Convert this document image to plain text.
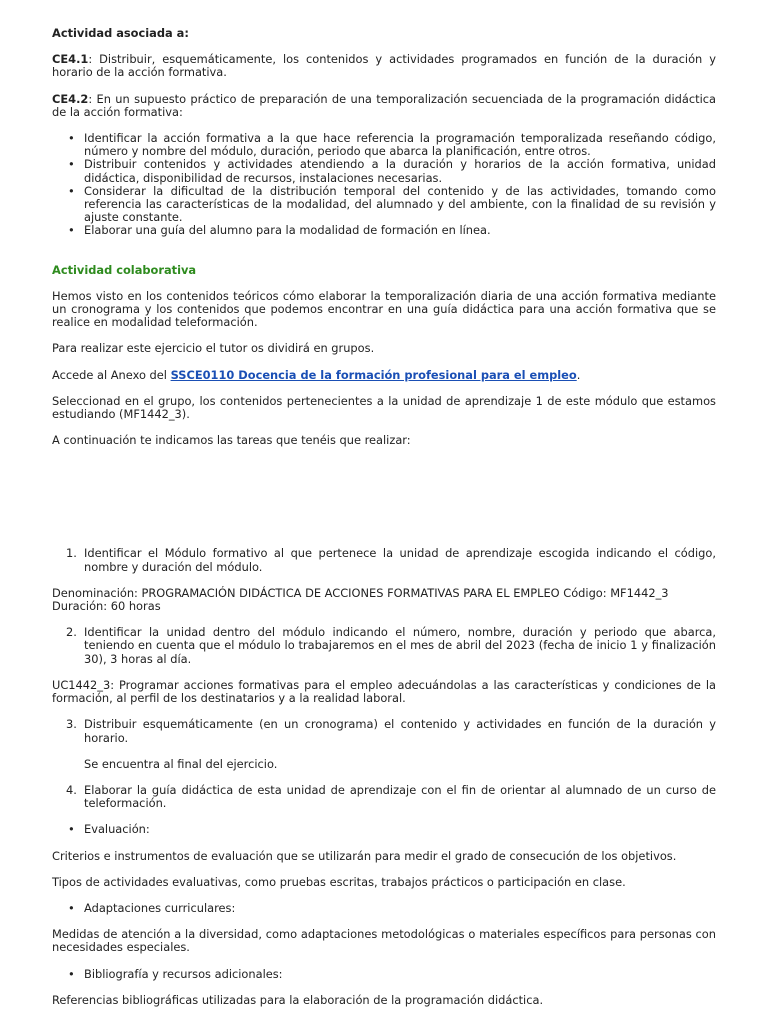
Actividad asociada a:

CE4.1: Distribuir, esquemáticamente, los contenidos y actividades programados en función de la duración y horario de la acción formativa.

CE4.2: En un supuesto práctico de preparación de una temporalización secuenciada de la programación didáctica de la acción formativa:

• Identificar la acción formativa a la que hace referencia la programación temporalizada reseñando código, número y nombre del módulo, duración, periodo que abarca la planificación, entre otros.
• Distribuir contenidos y actividades atendiendo a la duración y horarios de la acción formativa, unidad didáctica, disponibilidad de recursos, instalaciones necesarias.
• Considerar la dificultad de la distribución temporal del contenido y de las actividades, tomando como referencia las características de la modalidad, del alumnado y del ambiente, con la finalidad de su revisión y ajuste constante.
• Elaborar una guía del alumno para la modalidad de formación en línea.

Actividad colaborativa

Hemos visto en los contenidos teóricos cómo elaborar la temporalización diaria de una acción formativa mediante un cronograma y los contenidos que podemos encontrar en una guía didáctica para una acción formativa que se realice en modalidad teleformación.

Para realizar este ejercicio el tutor os dividirá en grupos.

Accede al Anexo del SSCE0110 Docencia de la formación profesional para el empleo.

Seleccionad en el grupo, los contenidos pertenecientes a la unidad de aprendizaje 1 de este módulo que estamos estudiando (MF1442_3).

A continuación te indicamos las tareas que tenéis que realizar:

1. Identificar el Módulo formativo al que pertenece la unidad de aprendizaje escogida indicando el código, nombre y duración del módulo.

Denominación: PROGRAMACIÓN DIDÁCTICA DE ACCIONES FORMATIVAS PARA EL EMPLEO Código: MF1442_3
Duración: 60 horas

2. Identificar la unidad dentro del módulo indicando el número, nombre, duración y periodo que abarca, teniendo en cuenta que el módulo lo trabajaremos en el mes de abril del 2023 (fecha de inicio 1 y finalización 30), 3 horas al día.

UC1442_3: Programar acciones formativas para el empleo adecuándolas a las características y condiciones de la formación, al perfil de los destinatarios y a la realidad laboral.

3. Distribuir esquemáticamente (en un cronograma) el contenido y actividades en función de la duración y horario.

Se encuentra al final del ejercicio.

4. Elaborar la guía didáctica de esta unidad de aprendizaje con el fin de orientar al alumnado de un curso de teleformación.
• Evaluación:

Criterios e instrumentos de evaluación que se utilizarán para medir el grado de consecución de los objetivos.

Tipos de actividades evaluativas, como pruebas escritas, trabajos prácticos o participación en clase.

• Adaptaciones curriculares:

Medidas de atención a la diversidad, como adaptaciones metodológicas o materiales específicos para personas con necesidades especiales.

• Bibliografía y recursos adicionales:

Referencias bibliográficas utilizadas para la elaboración de la programación didáctica.
